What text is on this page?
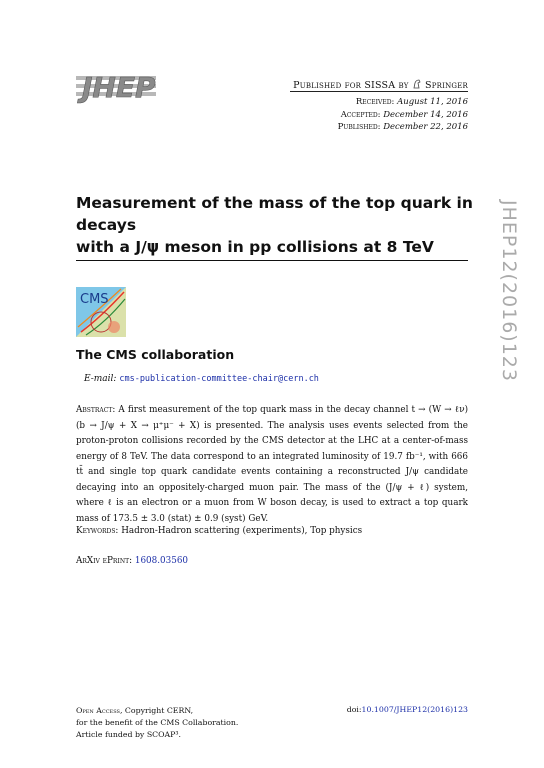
JHEP	Published for SISSA by Springer
Received: August 11, 2016
Accepted: December 14, 2016
Published: December 22, 2016
Measurement of the mass of the top quark in decays
with a J/ψ meson in pp collisions at 8 TeV	JHEP12(2016)123
CMS
The CMS collaboration
E-mail: cms-publication-committee-chair@cern.ch
Abstract: A first measurement of the top quark mass in the decay channel t → (W → ℓν)(b → J/ψ + X → μ⁺μ⁻ + X) is presented. The analysis uses events selected from the proton-proton collisions recorded by the CMS detector at the LHC at a center-of-mass energy of 8 TeV. The data correspond to an integrated luminosity of 19.7 fb⁻¹, with 666 tt̄ and single top quark candidate events containing a reconstructed J/ψ candidate decaying into an oppositely-charged muon pair. The mass of the (J/ψ + ℓ) system, where ℓ is an electron or a muon from W boson decay, is used to extract a top quark mass of 173.5 ± 3.0 (stat) ± 0.9 (syst) GeV.
Keywords: Hadron-Hadron scattering (experiments), Top physics
ArXiv ePrint: 1608.03560
Open Access, Copyright CERN,
for the benefit of the CMS Collaboration.
Article funded by SCOAP³.
doi:10.1007/JHEP12(2016)123
